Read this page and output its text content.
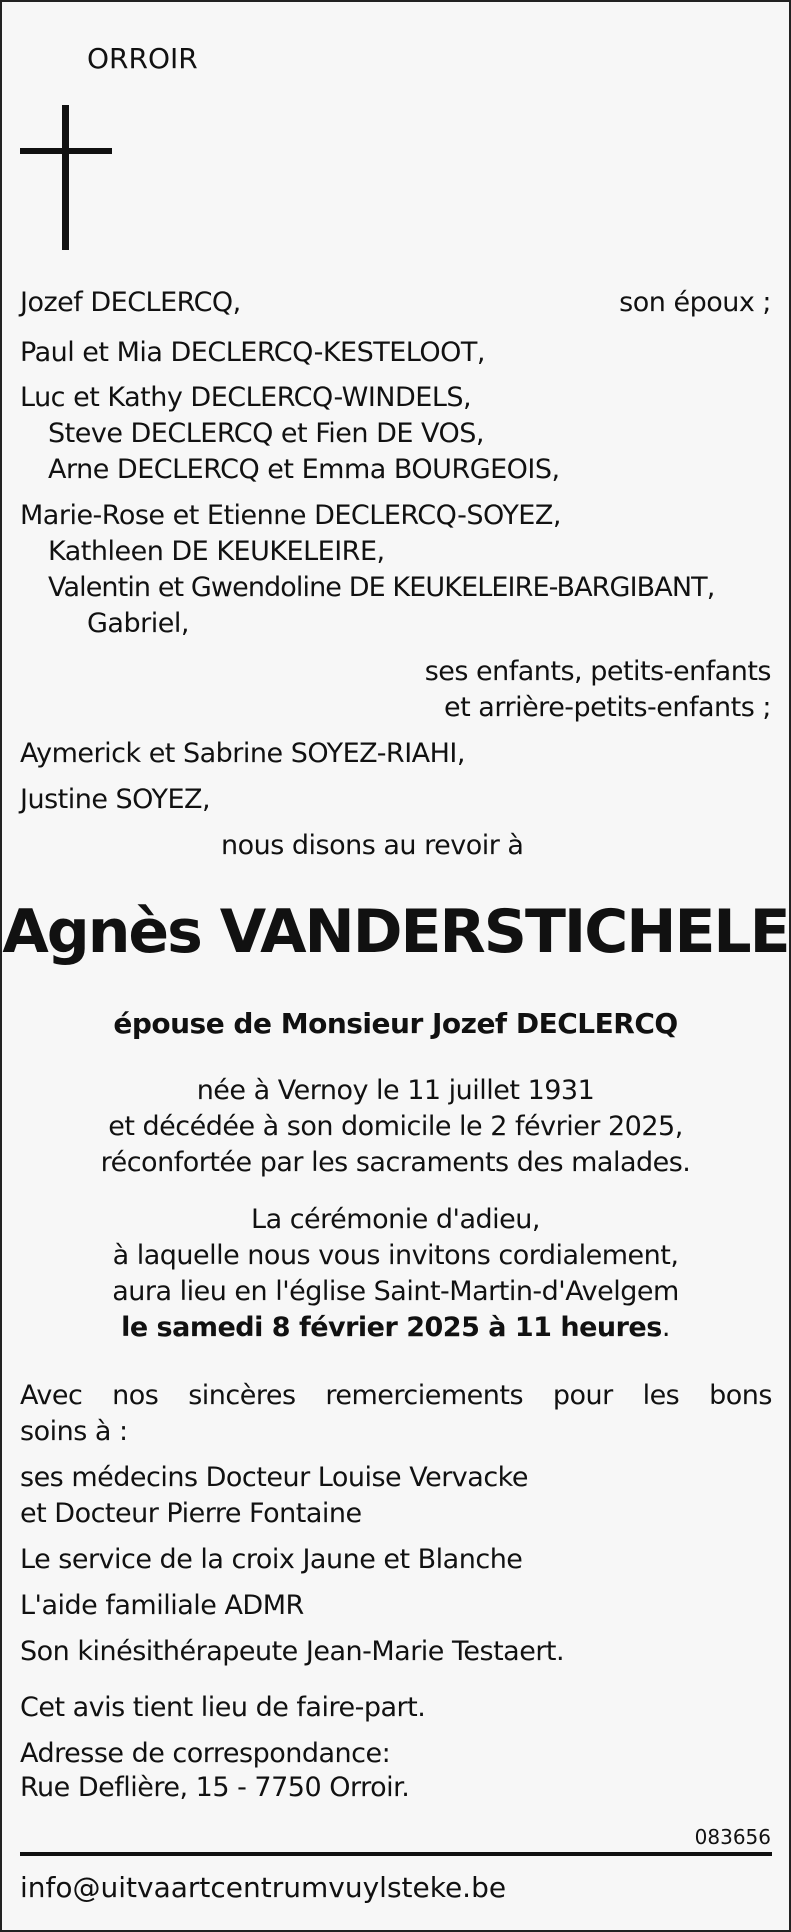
ORROIR
Jozef DECLERCQ,	son époux ;
Paul et Mia DECLERCQ-KESTELOOT,
Luc et Kathy DECLERCQ-WINDELS,
Steve DECLERCQ et Fien DE VOS,
Arne DECLERCQ et Emma BOURGEOIS,
Marie-Rose et Etienne DECLERCQ-SOYEZ,
Kathleen DE KEUKELEIRE,
Valentin et Gwendoline DE KEUKELEIRE-BARGIBANT,
Gabriel,
ses enfants, petits-enfants
et arrière-petits-enfants ;
Aymerick et Sabrine SOYEZ-RIAHI,
Justine SOYEZ,
nous disons au revoir à
Agnès VANDERSTICHELE
épouse de Monsieur Jozef DECLERCQ
née à Vernoy le 11 juillet 1931
et décédée à son domicile le 2 février 2025,
réconfortée par les sacraments des malades.
La cérémonie d'adieu,
à laquelle nous vous invitons cordialement,
aura lieu en l'église Saint-Martin-d'Avelgem
le samedi 8 février 2025 à 11 heures.
Avec nos sincères remerciements pour les bons
soins à :
ses médecins Docteur Louise Vervacke
et Docteur Pierre Fontaine
Le service de la croix Jaune et Blanche
L'aide familiale ADMR
Son kinésithérapeute Jean-Marie Testaert.
Cet avis tient lieu de faire-part.
Adresse de correspondance:
Rue Deflière, 15 - 7750 Orroir.
083656
info@uitvaartcentrumvuylsteke.be
